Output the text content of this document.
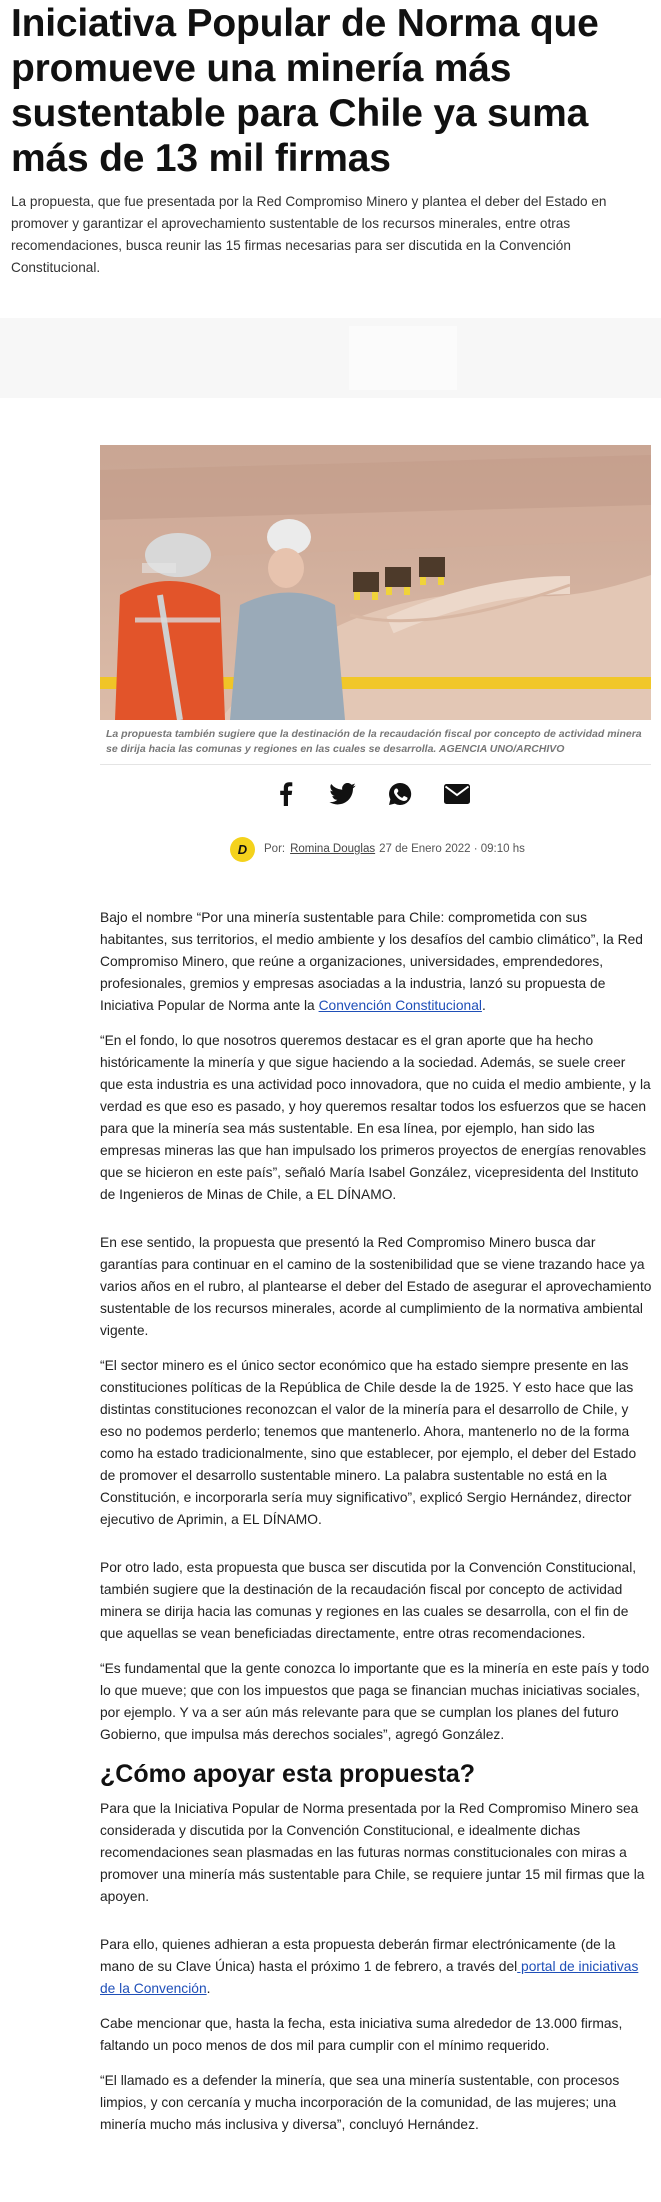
Iniciativa Popular de Norma que promueve una minería más sustentable para Chile ya suma más de 13 mil firmas

La propuesta, que fue presentada por la Red Compromiso Minero y plantea el deber del Estado en promover y garantizar el aprovechamiento sustentable de los recursos minerales, entre otras recomendaciones, busca reunir las 15 firmas necesarias para ser discutida en la Convención Constitucional.

La propuesta también sugiere que la destinación de la recaudación fiscal por concepto de actividad minera se dirija hacia las comunas y regiones en las cuales se desarrolla. AGENCIA UNO/ARCHIVO

D	Por: Romina Douglas 27 de Enero 2022 · 09:10 hs

Bajo el nombre “Por una minería sustentable para Chile: comprometida con sus habitantes, sus territorios, el medio ambiente y los desafíos del cambio climático”, la Red Compromiso Minero, que reúne a organizaciones, universidades, emprendedores, profesionales, gremios y empresas asociadas a la industria, lanzó su propuesta de Iniciativa Popular de Norma ante la Convención Constitucional.

“En el fondo, lo que nosotros queremos destacar es el gran aporte que ha hecho históricamente la minería y que sigue haciendo a la sociedad. Además, se suele creer que esta industria es una actividad poco innovadora, que no cuida el medio ambiente, y la verdad es que eso es pasado, y hoy queremos resaltar todos los esfuerzos que se hacen para que la minería sea más sustentable. En esa línea, por ejemplo, han sido las empresas mineras las que han impulsado los primeros proyectos de energías renovables que se hicieron en este país”, señaló María Isabel González, vicepresidenta del Instituto de Ingenieros de Minas de Chile, a EL DÍNAMO.

En ese sentido, la propuesta que presentó la Red Compromiso Minero busca dar garantías para continuar en el camino de la sostenibilidad que se viene trazando hace ya varios años en el rubro, al plantearse el deber del Estado de asegurar el aprovechamiento sustentable de los recursos minerales, acorde al cumplimiento de la normativa ambiental vigente.

“El sector minero es el único sector económico que ha estado siempre presente en las constituciones políticas de la República de Chile desde la de 1925. Y esto hace que las distintas constituciones reconozcan el valor de la minería para el desarrollo de Chile, y eso no podemos perderlo; tenemos que mantenerlo. Ahora, mantenerlo no de la forma como ha estado tradicionalmente, sino que establecer, por ejemplo, el deber del Estado de promover el desarrollo sustentable minero. La palabra sustentable no está en la Constitución, e incorporarla sería muy significativo”, explicó Sergio Hernández, director ejecutivo de Aprimin, a EL DÍNAMO.

Por otro lado, esta propuesta que busca ser discutida por la Convención Constitucional, también sugiere que la destinación de la recaudación fiscal por concepto de actividad minera se dirija hacia las comunas y regiones en las cuales se desarrolla, con el fin de que aquellas se vean beneficiadas directamente, entre otras recomendaciones.

“Es fundamental que la gente conozca lo importante que es la minería en este país y todo lo que mueve; que con los impuestos que paga se financian muchas iniciativas sociales, por ejemplo. Y va a ser aún más relevante para que se cumplan los planes del futuro Gobierno, que impulsa más derechos sociales”, agregó González.

¿Cómo apoyar esta propuesta?

Para que la Iniciativa Popular de Norma presentada por la Red Compromiso Minero sea considerada y discutida por la Convención Constitucional, e idealmente dichas recomendaciones sean plasmadas en las futuras normas constitucionales con miras a promover una minería más sustentable para Chile, se requiere juntar 15 mil firmas que la apoyen.

Para ello, quienes adhieran a esta propuesta deberán firmar electrónicamente (de la mano de su Clave Única) hasta el próximo 1 de febrero, a través del portal de iniciativas de la Convención.

Cabe mencionar que, hasta la fecha, esta iniciativa suma alrededor de 13.000 firmas, faltando un poco menos de dos mil para cumplir con el mínimo requerido.

“El llamado es a defender la minería, que sea una minería sustentable, con procesos limpios, y con cercanía y mucha incorporación de la comunidad, de las mujeres; una minería mucho más inclusiva y diversa”, concluyó Hernández.
